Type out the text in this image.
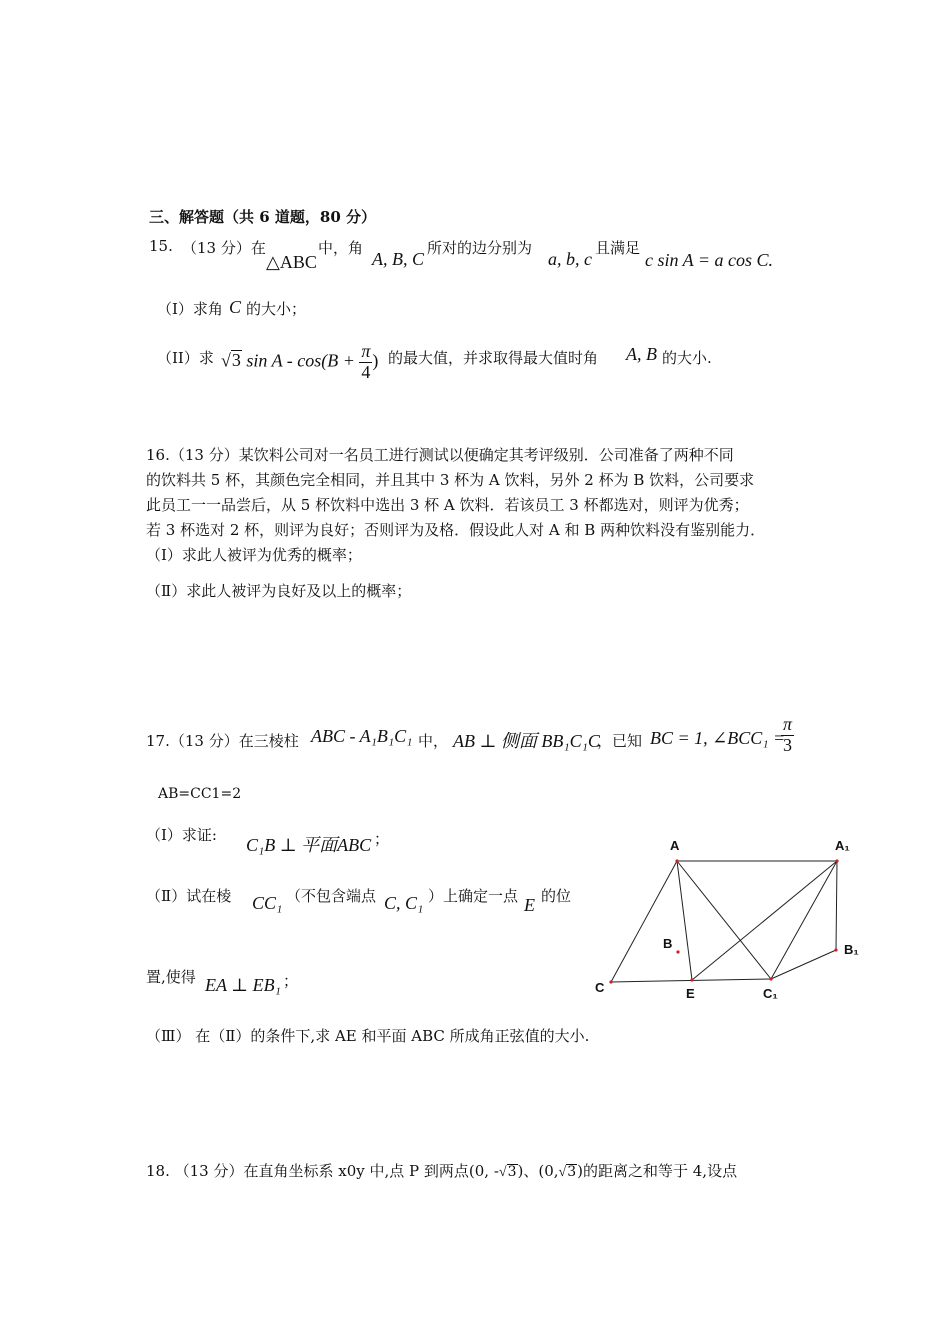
三、解答题（共 6 道题，80 分）
15. （13 分）在
△ABC
中，角
A, B, C
所对的边分别为
a, b, c
且满足
c sin A = a cos C.
（I）求角 C 的大小；
（II）求 √3 $\sin A - \cos(B + \frac{\pi}{4}$ ) 的最大值，并求取得最大值时角 A, B 的大小.
16.（13 分）某饮料公司对一名员工进行测试以便确定其考评级别．公司准备了两种不同
的饮料共 5 杯，其颜色完全相同，并且其中 3 杯为 A 饮料，另外 2 杯为 B 饮料，公司要求
此员工一一品尝后，从 5 杯饮料中选出 3 杯 A 饮料．若该员工 3 杯都选对，则评为优秀；
若 3 杯选对 2 杯，则评为良好；否则评为及格．假设此人对 A 和 B 两种饮料没有鉴别能力．
（Ⅰ）求此人被评为优秀的概率；
（Ⅱ）求此人被评为良好及以上的概率；
17.（13 分）在三棱柱 ABC - A₁B₁C₁ 中， AB ⊥ 侧面 BB₁C₁C
，已知 BC = 1, ∠BCC₁ =
$\frac{\pi}{3}$
AB=CC1=2
（Ⅰ）求证: C₁B ⊥ 平面ABC ；
（Ⅱ）试在棱 CC₁ （不包含端点 C, C₁ ）上确定一点 E 的位
置,使得 EA ⊥ EB₁ ；
（Ⅲ） 在（Ⅱ）的条件下,求 AE 和平面 ABC 所成角正弦值的大小.
A	A₁
B	B₁
C	E	C₁
18. （13 分）在直角坐标系 x0y 中,点 P 到两点(0, -√3)、(0,√3)的距离之和等于 4,设点
